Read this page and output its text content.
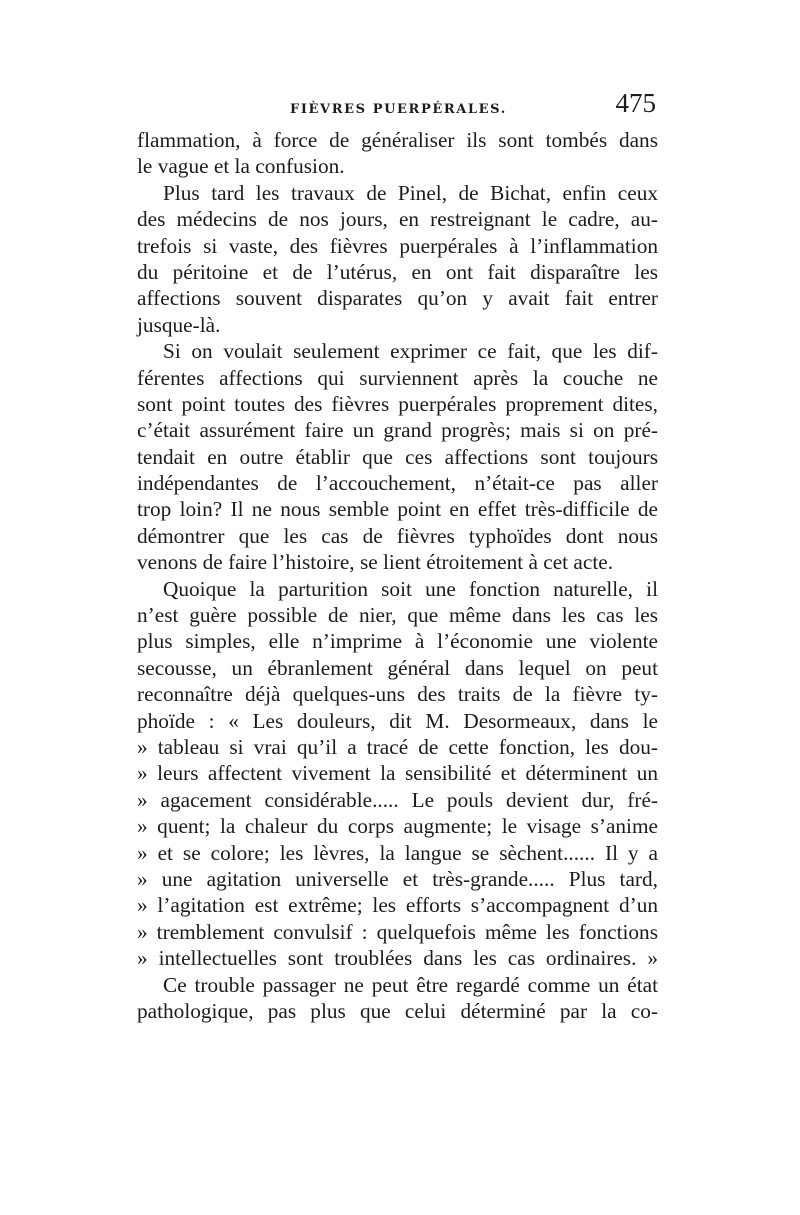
FIÈVRES PUERPÉRALES.	475
flammation, à force de généraliser ils sont tombés dans
le vague et la confusion.
Plus tard les travaux de Pinel, de Bichat, enfin ceux
des médecins de nos jours, en restreignant le cadre, au-
trefois si vaste, des fièvres puerpérales à l’inflammation
du péritoine et de l’utérus, en ont fait disparaître les
affections souvent disparates qu’on y avait fait entrer
jusque-là.
Si on voulait seulement exprimer ce fait, que les dif-
férentes affections qui surviennent après la couche ne
sont point toutes des fièvres puerpérales proprement dites,
c’était assurément faire un grand progrès; mais si on pré-
tendait en outre établir que ces affections sont toujours
indépendantes de l’accouchement, n’était-ce pas aller
trop loin? Il ne nous semble point en effet très-difficile de
démontrer que les cas de fièvres typhoïdes dont nous
venons de faire l’histoire, se lient étroitement à cet acte.
Quoique la parturition soit une fonction naturelle, il
n’est guère possible de nier, que même dans les cas les
plus simples, elle n’imprime à l’économie une violente
secousse, un ébranlement général dans lequel on peut
reconnaître déjà quelques-uns des traits de la fièvre ty-
phoïde : « Les douleurs, dit M. Desormeaux, dans le
» tableau si vrai qu’il a tracé de cette fonction, les dou-
» leurs affectent vivement la sensibilité et déterminent un
» agacement considérable..... Le pouls devient dur, fré-
» quent; la chaleur du corps augmente; le visage s’anime
» et se colore; les lèvres, la langue se sèchent...... Il y a
» une agitation universelle et très-grande..... Plus tard,
» l’agitation est extrême; les efforts s’accompagnent d’un
» tremblement convulsif : quelquefois même les fonctions
» intellectuelles sont troublées dans les cas ordinaires. »
Ce trouble passager ne peut être regardé comme un état
pathologique, pas plus que celui déterminé par la co-
